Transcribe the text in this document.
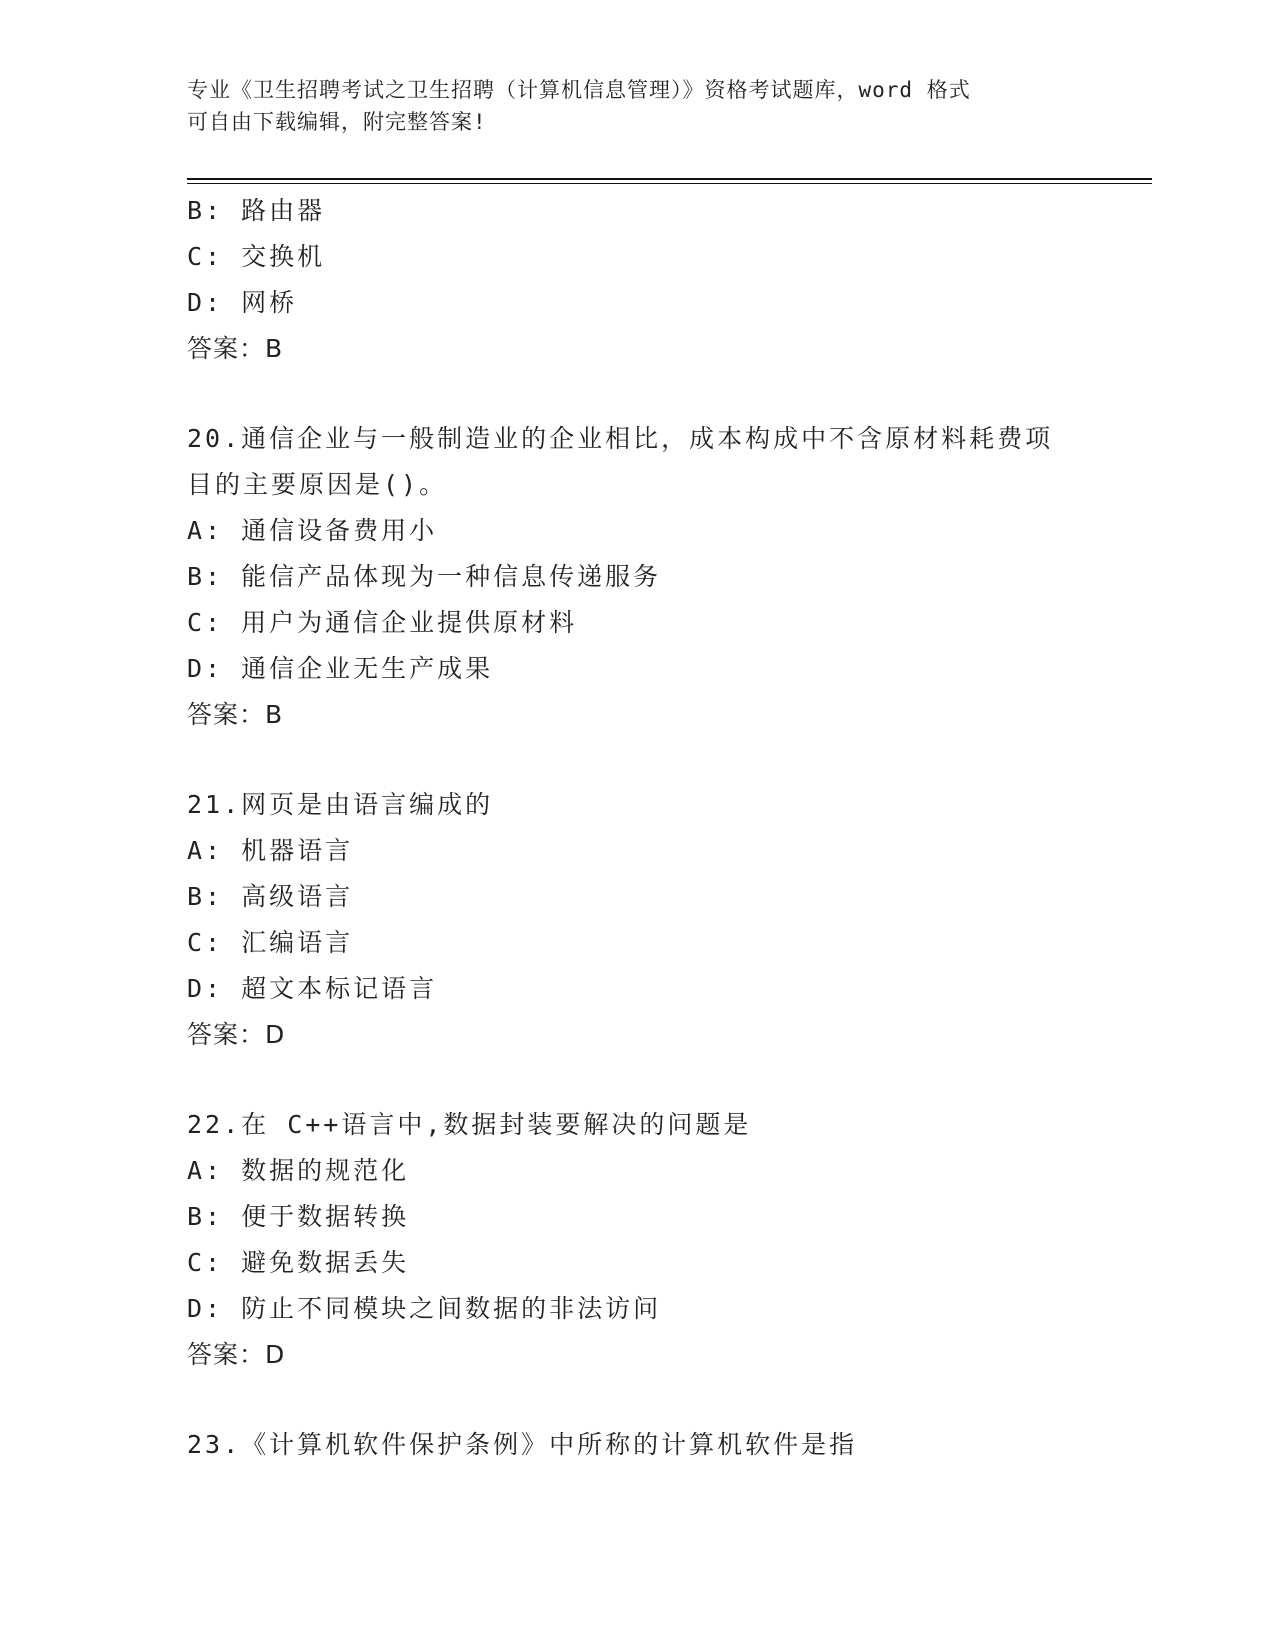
专业《卫生招聘考试之卫生招聘（计算机信息管理）》资格考试题库，word 格式
可自由下载编辑，附完整答案!
B: 路由器
C: 交换机
D: 网桥
答案：B
20.通信企业与一般制造业的企业相比，成本构成中不含原材料耗费项
目的主要原因是()。
A: 通信设备费用小
B: 能信产品体现为一种信息传递服务
C: 用户为通信企业提供原材料
D: 通信企业无生产成果
答案：B
21.网页是由语言编成的
A: 机器语言
B: 高级语言
C: 汇编语言
D: 超文本标记语言
答案：D
22.在 C++语言中,数据封装要解决的问题是
A: 数据的规范化
B: 便于数据转换
C: 避免数据丢失
D: 防止不同模块之间数据的非法访问
答案：D
23.《计算机软件保护条例》中所称的计算机软件是指
